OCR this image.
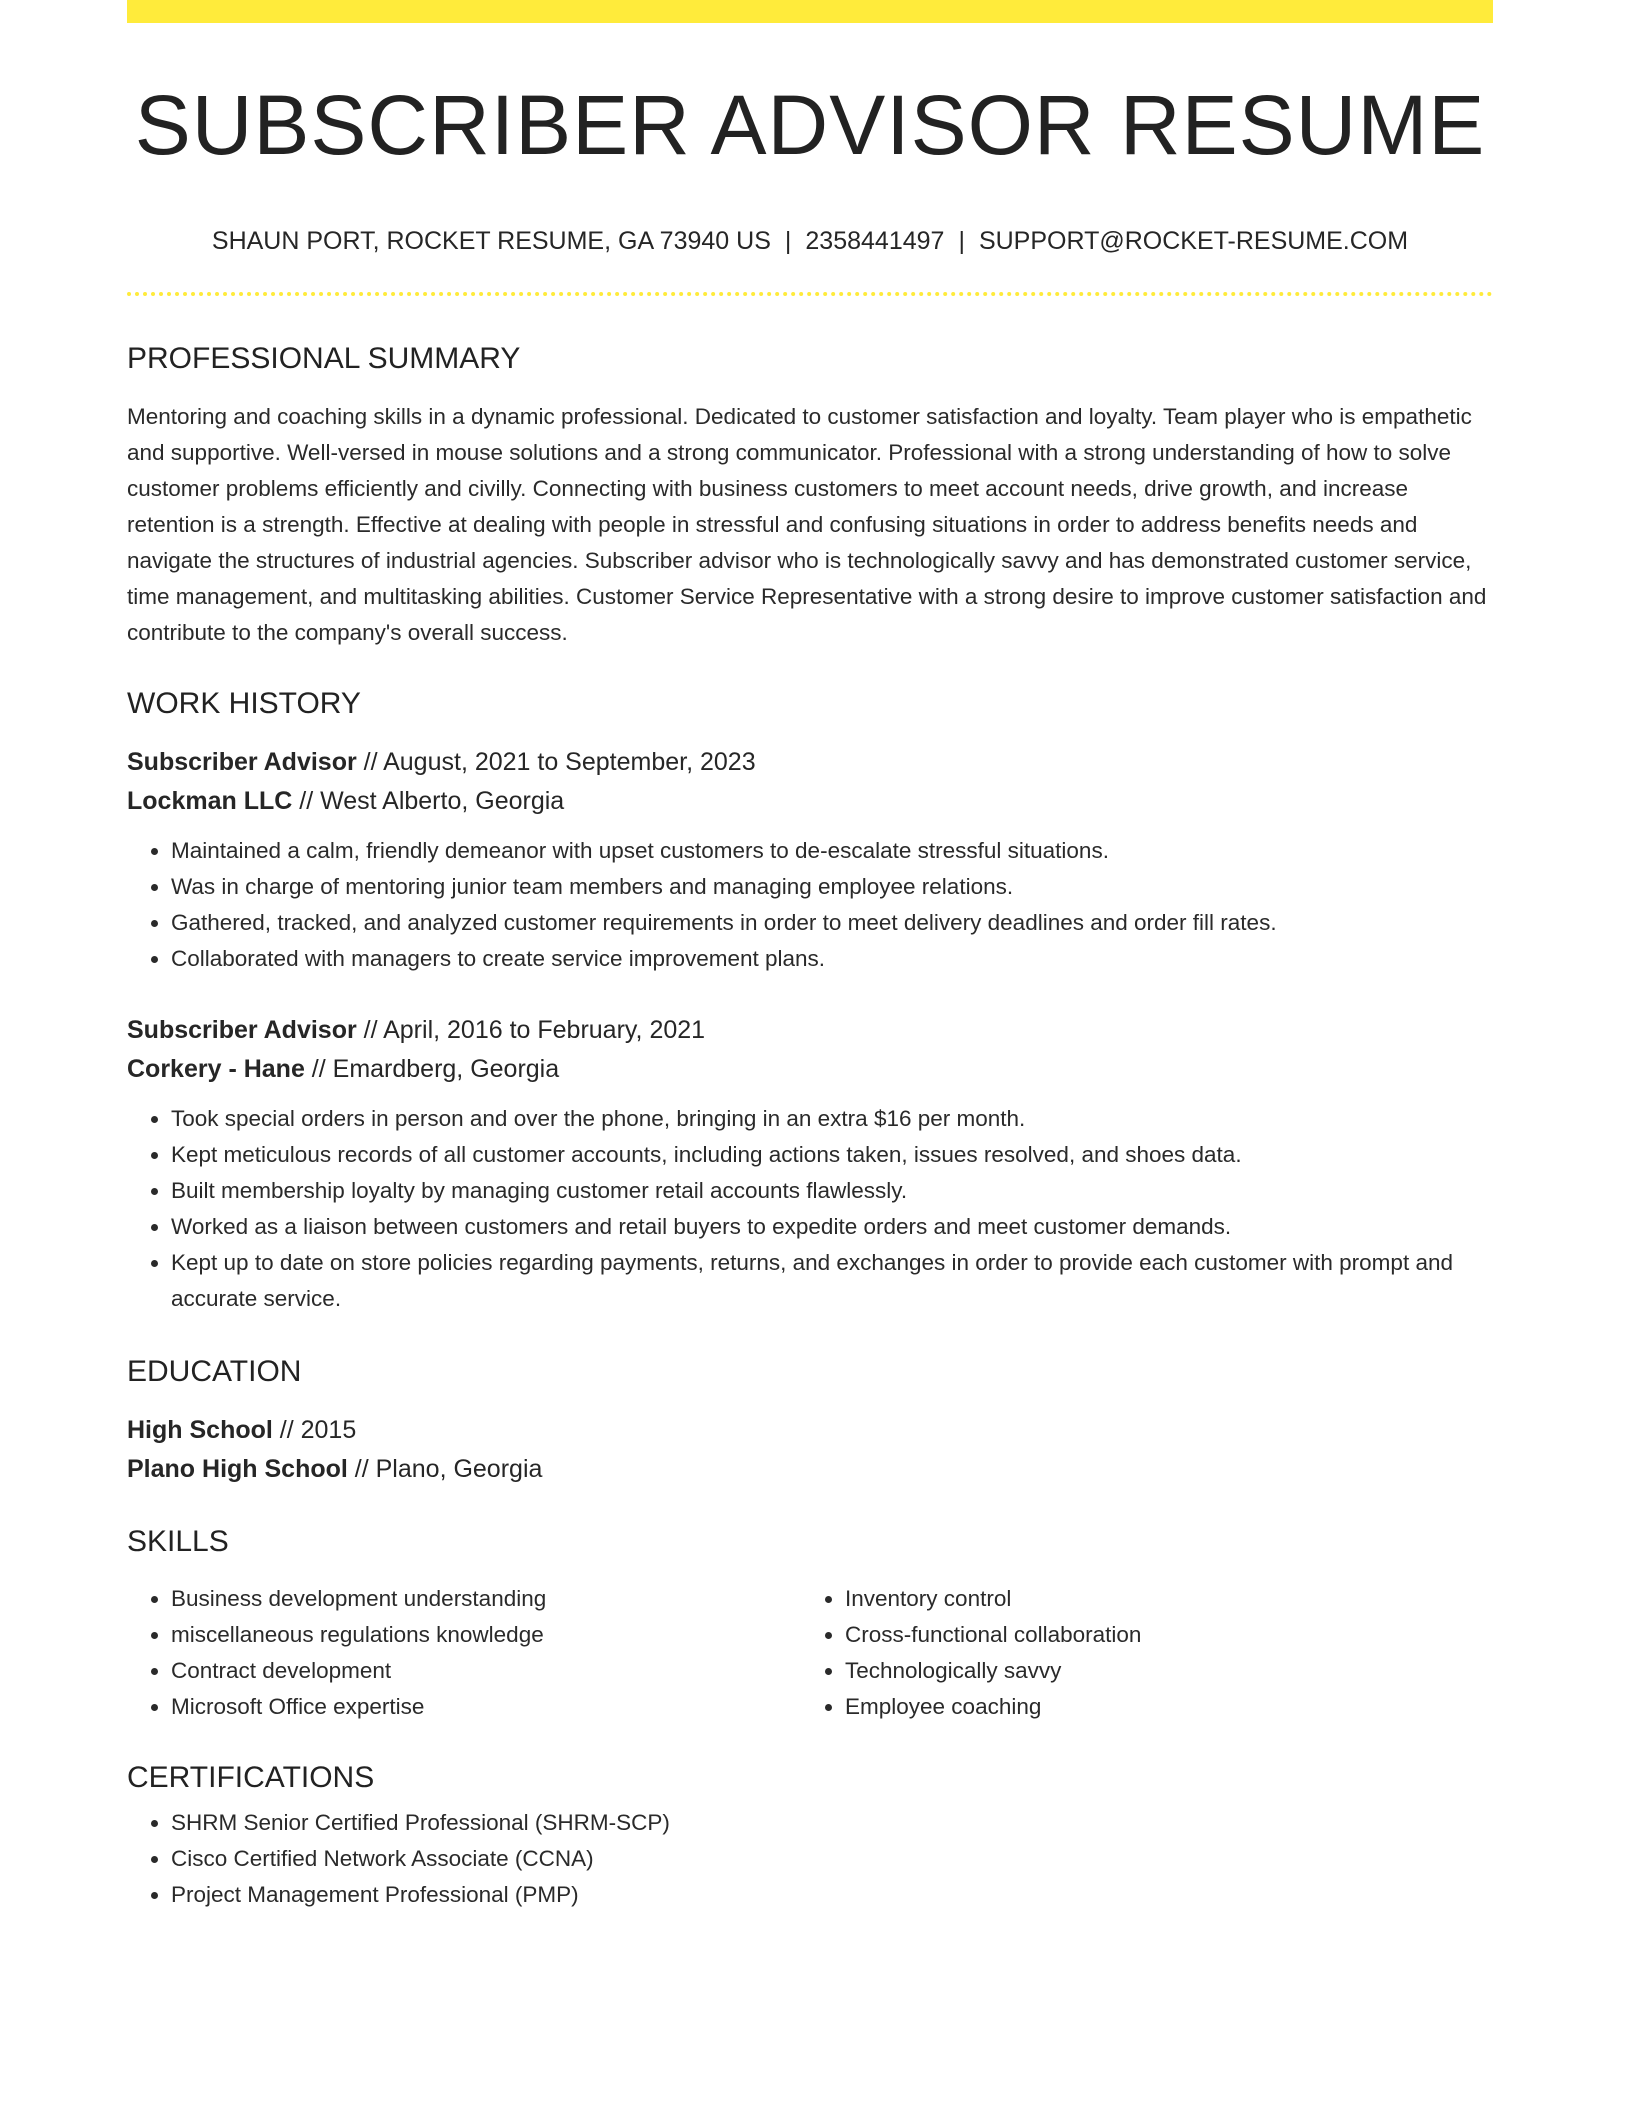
SUBSCRIBER ADVISOR RESUME
SHAUN PORT, ROCKET RESUME, GA 73940 US | 2358441497 | SUPPORT@ROCKET-RESUME.COM
PROFESSIONAL SUMMARY

Mentoring and coaching skills in a dynamic professional. Dedicated to customer satisfaction and loyalty. Team player who is empathetic and supportive. Well-versed in mouse solutions and a strong communicator. Professional with a strong understanding of how to solve customer problems efficiently and civilly. Connecting with business customers to meet account needs, drive growth, and increase retention is a strength. Effective at dealing with people in stressful and confusing situations in order to address benefits needs and navigate the structures of industrial agencies. Subscriber advisor who is technologically savvy and has demonstrated customer service, time management, and multitasking abilities. Customer Service Representative with a strong desire to improve customer satisfaction and contribute to the company's overall success.

WORK HISTORY
Subscriber Advisor // August, 2021 to September, 2023
Lockman LLC // West Alberto, Georgia
• Maintained a calm, friendly demeanor with upset customers to de-escalate stressful situations.
• Was in charge of mentoring junior team members and managing employee relations.
• Gathered, tracked, and analyzed customer requirements in order to meet delivery deadlines and order fill rates.
• Collaborated with managers to create service improvement plans.
Subscriber Advisor // April, 2016 to February, 2021
Corkery - Hane // Emardberg, Georgia
• Took special orders in person and over the phone, bringing in an extra $16 per month.
• Kept meticulous records of all customer accounts, including actions taken, issues resolved, and shoes data.
• Built membership loyalty by managing customer retail accounts flawlessly.
• Worked as a liaison between customers and retail buyers to expedite orders and meet customer demands.
• Kept up to date on store policies regarding payments, returns, and exchanges in order to provide each customer with prompt and accurate service.
EDUCATION
High School // 2015
Plano High School // Plano, Georgia
SKILLS
• Business development understanding
• miscellaneous regulations knowledge
• Contract development
• Microsoft Office expertise
• Inventory control
• Cross-functional collaboration
• Technologically savvy
• Employee coaching
CERTIFICATIONS
• SHRM Senior Certified Professional (SHRM-SCP)
• Cisco Certified Network Associate (CCNA)
• Project Management Professional (PMP)
